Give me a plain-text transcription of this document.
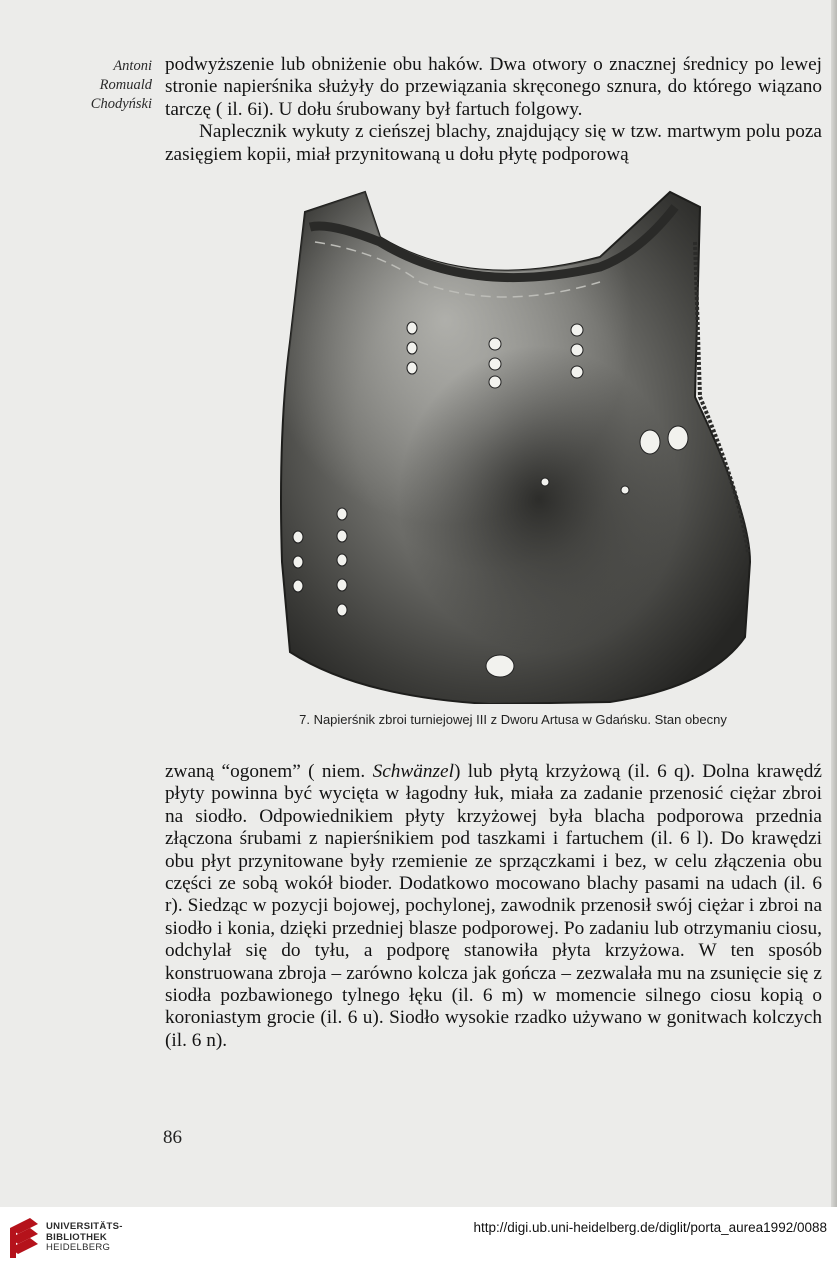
Antoni
Romuald
Chodyński

podwyższenie lub obniżenie obu haków. Dwa otwory o znacznej średnicy po lewej stronie napierśnika służyły do przewiązania skręconego sznura, do którego wiązano tarczę ( il. 6i). U dołu śrubowany był fartuch folgowy.

Naplecznik wykuty z cieńszej blachy, znajdujący się w tzw. martwym polu poza zasięgiem kopii, miał przynitowaną u dołu płytę podporową

7. Napierśnik zbroi turniejowej III z Dworu Artusa w Gdańsku. Stan obecny

zwaną “ogonem” ( niem. Schwänzel) lub płytą krzyżową (il. 6 q). Dolna krawędź płyty powinna być wycięta w łagodny łuk, miała za zadanie przenosić ciężar zbroi na siodło. Odpowiednikiem płyty krzyżowej była blacha podporowa przednia złączona śrubami z napierśnikiem pod taszkami i fartuchem (il. 6 l). Do krawędzi obu płyt przynitowane były rzemienie ze sprzączkami i bez, w celu złączenia obu części ze sobą wokół bioder. Dodatkowo mocowano blachy pasami na udach (il. 6 r). Siedząc w pozycji bojowej, pochylonej, zawodnik przenosił swój ciężar i zbroi na siodło i konia, dzięki przedniej blasze podporowej. Po zadaniu lub otrzymaniu ciosu, odchylał się do tyłu, a podporę stanowiła płyta krzyżowa. W ten sposób konstruowana zbroja – zarówno kolcza jak gończa – zezwalała mu na zsunięcie się z siodła pozbawionego tylnego łęku (il. 6 m) w momencie silnego ciosu kopią o koroniastym grocie (il. 6 u). Siodło wysokie rzadko używano w gonitwach kolczych (il. 6 n).

86
UNIVERSITÄTS-
BIBLIOTHEK
HEIDELBERG
http://digi.ub.uni-heidelberg.de/diglit/porta_aurea1992/0088
